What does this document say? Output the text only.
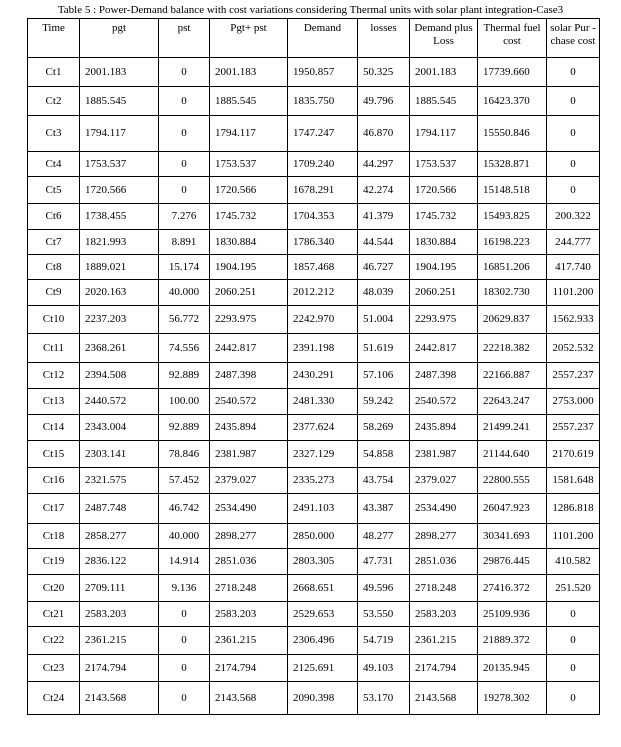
Table 5 : Power-Demand balance with cost variations considering Thermal units with solar plant integration-Case3
Time	pgt	pst	Pgt+ pst	Demand	losses	Demand plus Loss	Thermal fuel cost	solar Pur - chase cost
Ct1	2001.183	0	2001.183	1950.857	50.325	2001.183	17739.660	0
Ct2	1885.545	0	1885.545	1835.750	49.796	1885.545	16423.370	0
Ct3	1794.117	0	1794.117	1747.247	46.870	1794.117	15550.846	0
Ct4	1753.537	0	1753.537	1709.240	44.297	1753.537	15328.871	0
Ct5	1720.566	0	1720.566	1678.291	42.274	1720.566	15148.518	0
Ct6	1738.455	7.276	1745.732	1704.353	41.379	1745.732	15493.825	200.322
Ct7	1821.993	8.891	1830.884	1786.340	44.544	1830.884	16198.223	244.777
Ct8	1889.021	15.174	1904.195	1857.468	46.727	1904.195	16851.206	417.740
Ct9	2020.163	40.000	2060.251	2012.212	48.039	2060.251	18302.730	1101.200
Ct10	2237.203	56.772	2293.975	2242.970	51.004	2293.975	20629.837	1562.933
Ct11	2368.261	74.556	2442.817	2391.198	51.619	2442.817	22218.382	2052.532
Ct12	2394.508	92.889	2487.398	2430.291	57.106	2487.398	22166.887	2557.237
Ct13	2440.572	100.00	2540.572	2481.330	59.242	2540.572	22643.247	2753.000
Ct14	2343.004	92.889	2435.894	2377.624	58.269	2435.894	21499.241	2557.237
Ct15	2303.141	78.846	2381.987	2327.129	54.858	2381.987	21144.640	2170.619
Ct16	2321.575	57.452	2379.027	2335.273	43.754	2379.027	22800.555	1581.648
Ct17	2487.748	46.742	2534.490	2491.103	43.387	2534.490	26047.923	1286.818
Ct18	2858.277	40.000	2898.277	2850.000	48.277	2898.277	30341.693	1101.200
Ct19	2836.122	14.914	2851.036	2803.305	47.731	2851.036	29876.445	410.582
Ct20	2709.111	9.136	2718.248	2668.651	49.596	2718.248	27416.372	251.520
Ct21	2583.203	0	2583.203	2529.653	53.550	2583.203	25109.936	0
Ct22	2361.215	0	2361.215	2306.496	54.719	2361.215	21889.372	0
Ct23	2174.794	0	2174.794	2125.691	49.103	2174.794	20135.945	0
Ct24	2143.568	0	2143.568	2090.398	53.170	2143.568	19278.302	0
